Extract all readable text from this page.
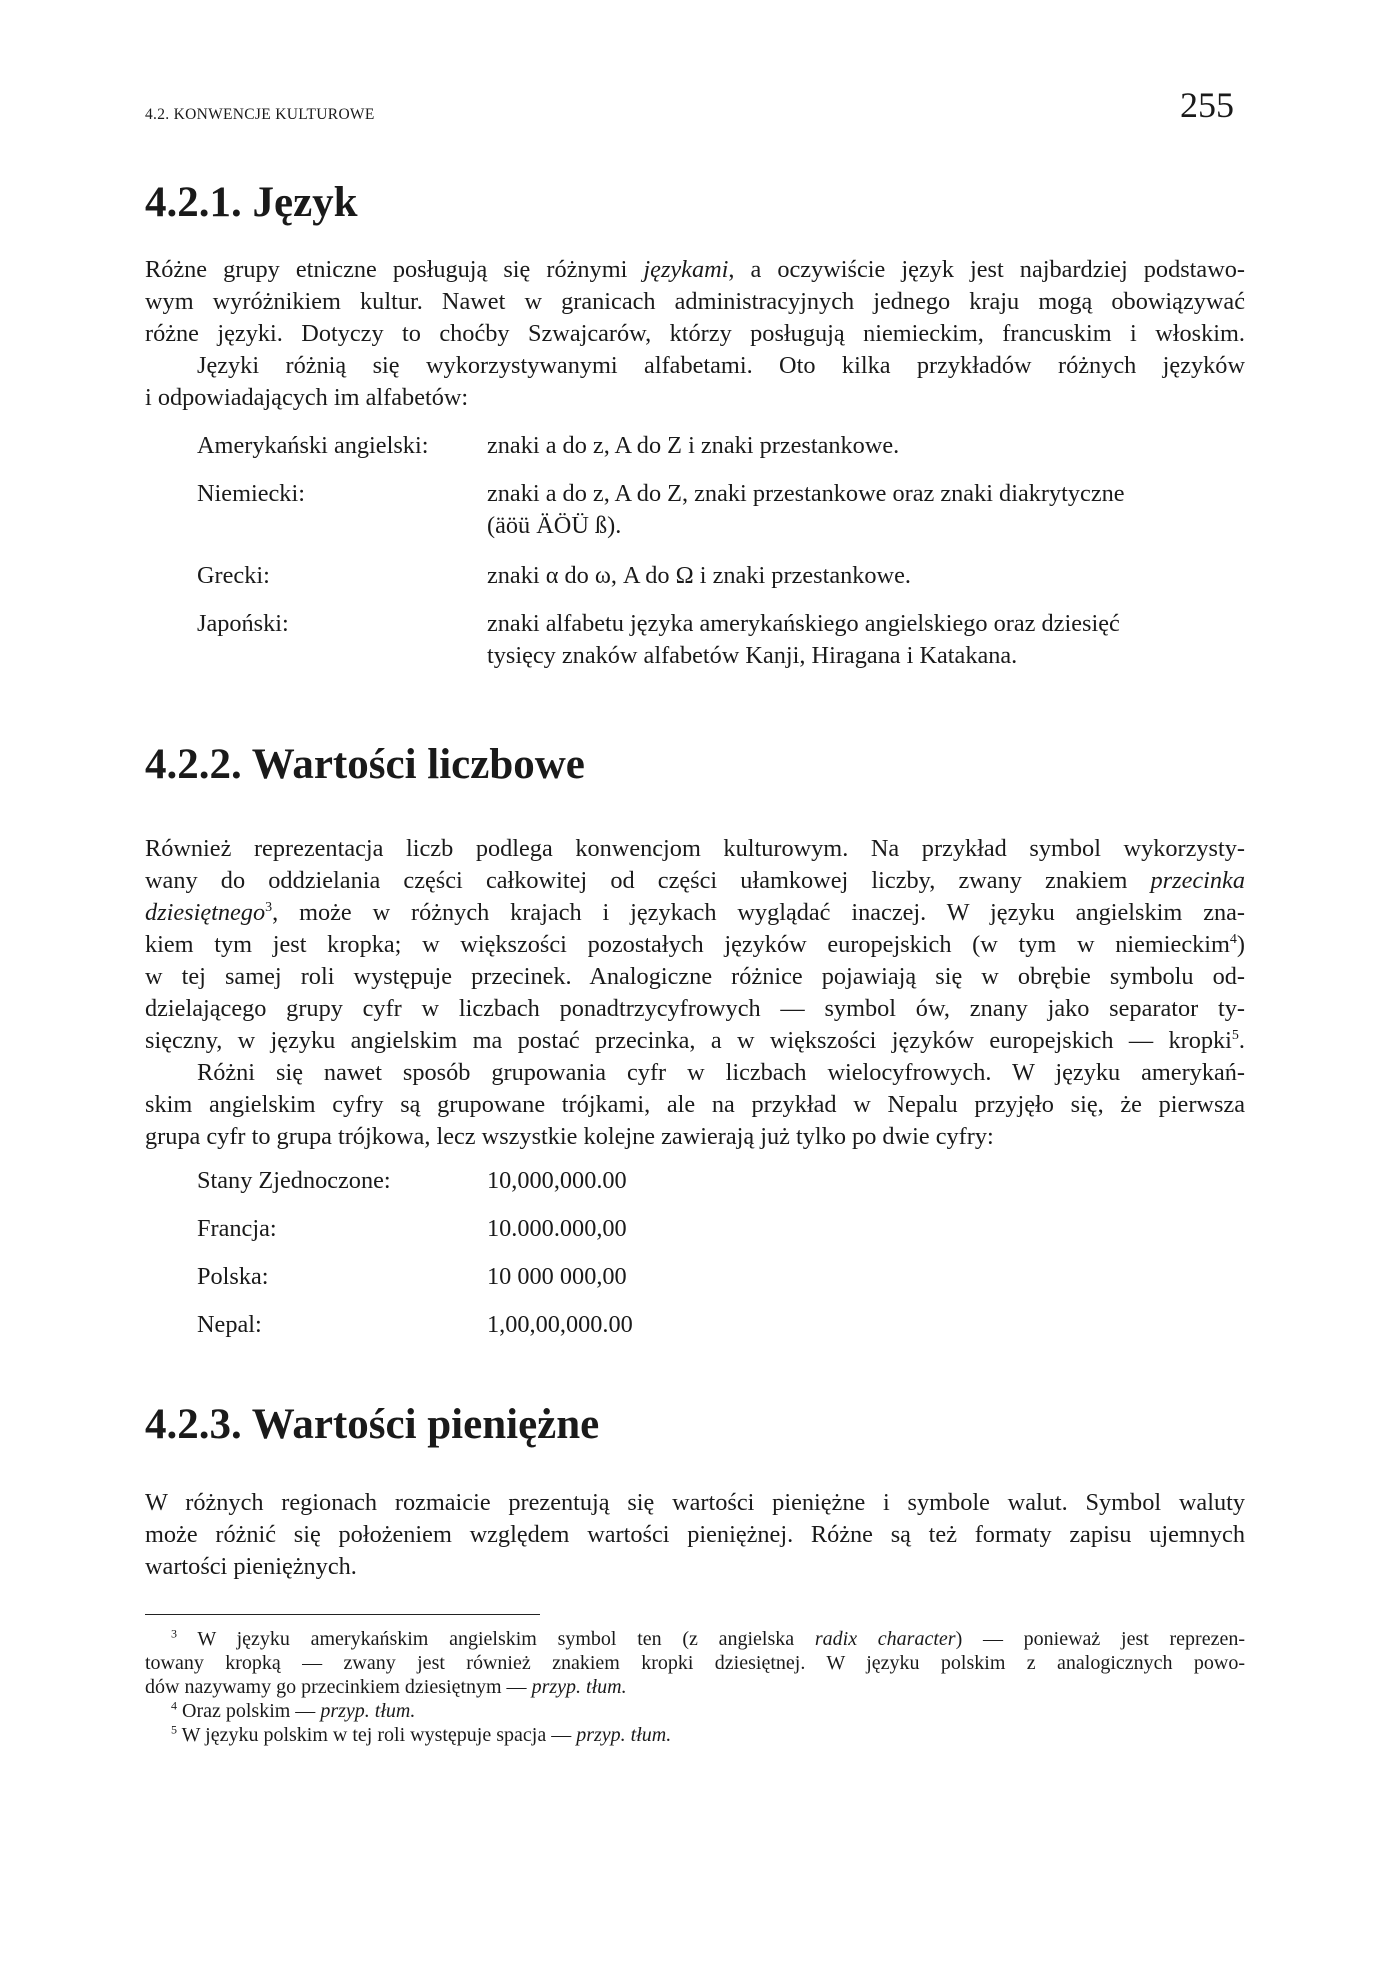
4.2. KONWENCJE KULTUROWE	255
4.2.1. Język
Różne grupy etniczne posługują się różnymi językami, a oczywiście język jest najbardziej podstawo-
wym wyróżnikiem kultur. Nawet w granicach administracyjnych jednego kraju mogą obowiązywać
różne języki. Dotyczy to choćby Szwajcarów, którzy posługują niemieckim, francuskim i włoskim.
Języki różnią się wykorzystywanymi alfabetami. Oto kilka przykładów różnych języków
i odpowiadających im alfabetów:
Amerykański angielski: znaki a do z, A do Z i znaki przestankowe.
Niemiecki:	znaki a do z, A do Z, znaki przestankowe oraz znaki diakrytyczne
(äöü ÄÖÜ ß).
Grecki:	znaki α do ω, A do Ω i znaki przestankowe.
Japoński:	znaki alfabetu języka amerykańskiego angielskiego oraz dziesięć
tysięcy znaków alfabetów Kanji, Hiragana i Katakana.
4.2.2. Wartości liczbowe
Również reprezentacja liczb podlega konwencjom kulturowym. Na przykład symbol wykorzysty-
wany do oddzielania części całkowitej od części ułamkowej liczby, zwany znakiem przecinka
dziesiętnego$^3$, może w różnych krajach i językach wyglądać inaczej. W języku angielskim zna-
kiem tym jest kropka; w większości pozostałych języków europejskich (w tym w niemieckim$^4$)
w tej samej roli występuje przecinek. Analogiczne różnice pojawiają się w obrębie symbolu od-
dzielającego grupy cyfr w liczbach ponadtrzycyfrowych — symbol ów, znany jako separator ty-
sięczny, w języku angielskim ma postać przecinka, a w większości języków europejskich — kropki$^5$.
Różni się nawet sposób grupowania cyfr w liczbach wielocyfrowych. W języku amerykań-
skim angielskim cyfry są grupowane trójkami, ale na przykład w Nepalu przyjęło się, że pierwsza
grupa cyfr to grupa trójkowa, lecz wszystkie kolejne zawierają już tylko po dwie cyfry:
Stany Zjednoczone:	10,000,000.00
Francja:	10.000.000,00
Polska:	10 000 000,00
Nepal:	1,00,00,000.00
4.2.3. Wartości pieniężne
W różnych regionach rozmaicie prezentują się wartości pieniężne i symbole walut. Symbol waluty
może różnić się położeniem względem wartości pieniężnej. Różne są też formaty zapisu ujemnych
wartości pieniężnych.
$^3$ W języku amerykańskim angielskim symbol ten (z angielska radix character) — ponieważ jest reprezen-
towany kropką — zwany jest również znakiem kropki dziesiętnej. W języku polskim z analogicznych powo-
dów nazywamy go przecinkiem dziesiętnym — przyp. tłum.
$^4$ Oraz polskim — przyp. tłum.
$^5$ W języku polskim w tej roli występuje spacja — przyp. tłum.
